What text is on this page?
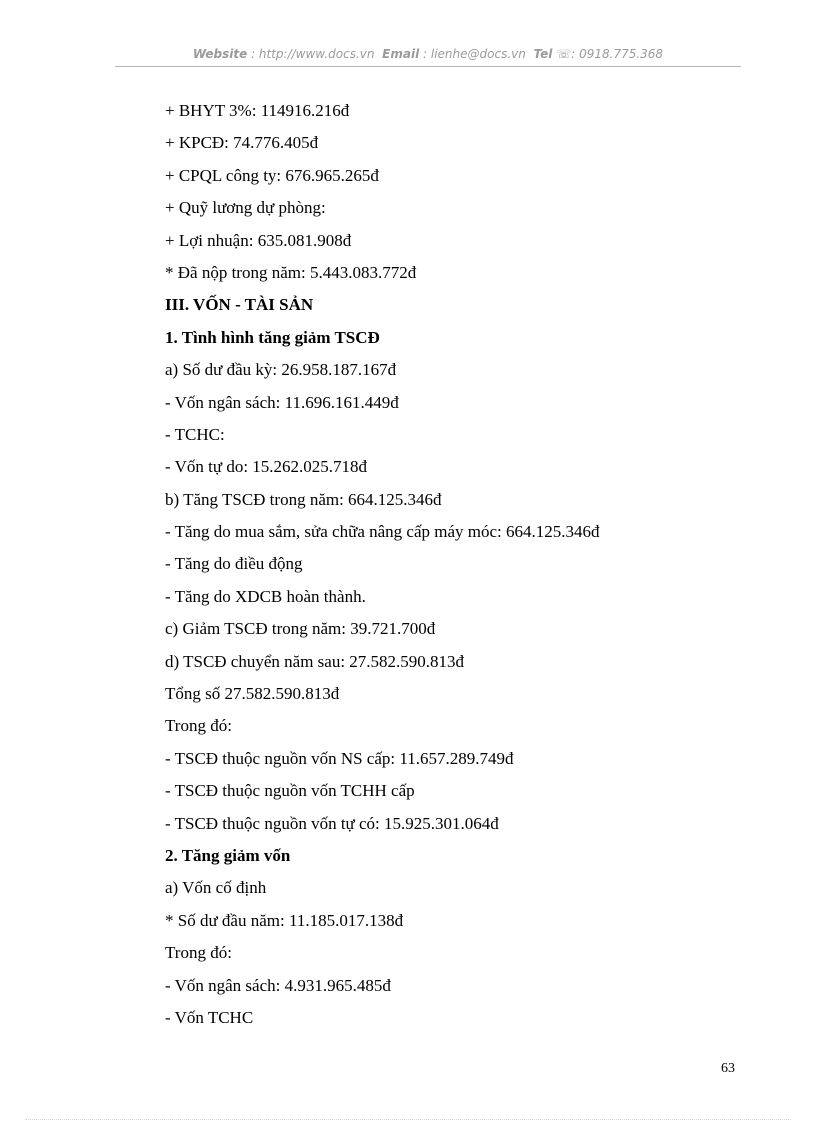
Website : http://www.docs.vn Email : lienhe@docs.vn Tel ☏: 0918.775.368
+ BHYT 3%: 114916.216đ
+ KPCĐ: 74.776.405đ
+ CPQL công ty: 676.965.265đ
+ Quỹ lương dự phòng:
+ Lợi nhuận: 635.081.908đ
* Đã nộp trong năm: 5.443.083.772đ
III. VỐN - TÀI SẢN
1. Tình hình tăng giảm TSCĐ
a) Số dư đầu kỳ: 26.958.187.167đ
- Vốn ngân sách: 11.696.161.449đ
- TCHC:
- Vốn tự do: 15.262.025.718đ
b) Tăng TSCĐ trong năm: 664.125.346đ
- Tăng do mua sắm, sửa chữa nâng cấp máy móc: 664.125.346đ
- Tăng do điều động
- Tăng do XDCB hoàn thành.
c) Giảm TSCĐ trong năm: 39.721.700đ
d) TSCĐ chuyển năm sau: 27.582.590.813đ
Tổng số 27.582.590.813đ
Trong đó:
- TSCĐ thuộc nguồn vốn NS cấp: 11.657.289.749đ
- TSCĐ thuộc nguồn vốn TCHH cấp
- TSCĐ thuộc nguồn vốn tự có: 15.925.301.064đ
2. Tăng giảm vốn
a) Vốn cố định
* Số dư đầu năm: 11.185.017.138đ
Trong đó:
- Vốn ngân sách: 4.931.965.485đ
- Vốn TCHC
63
